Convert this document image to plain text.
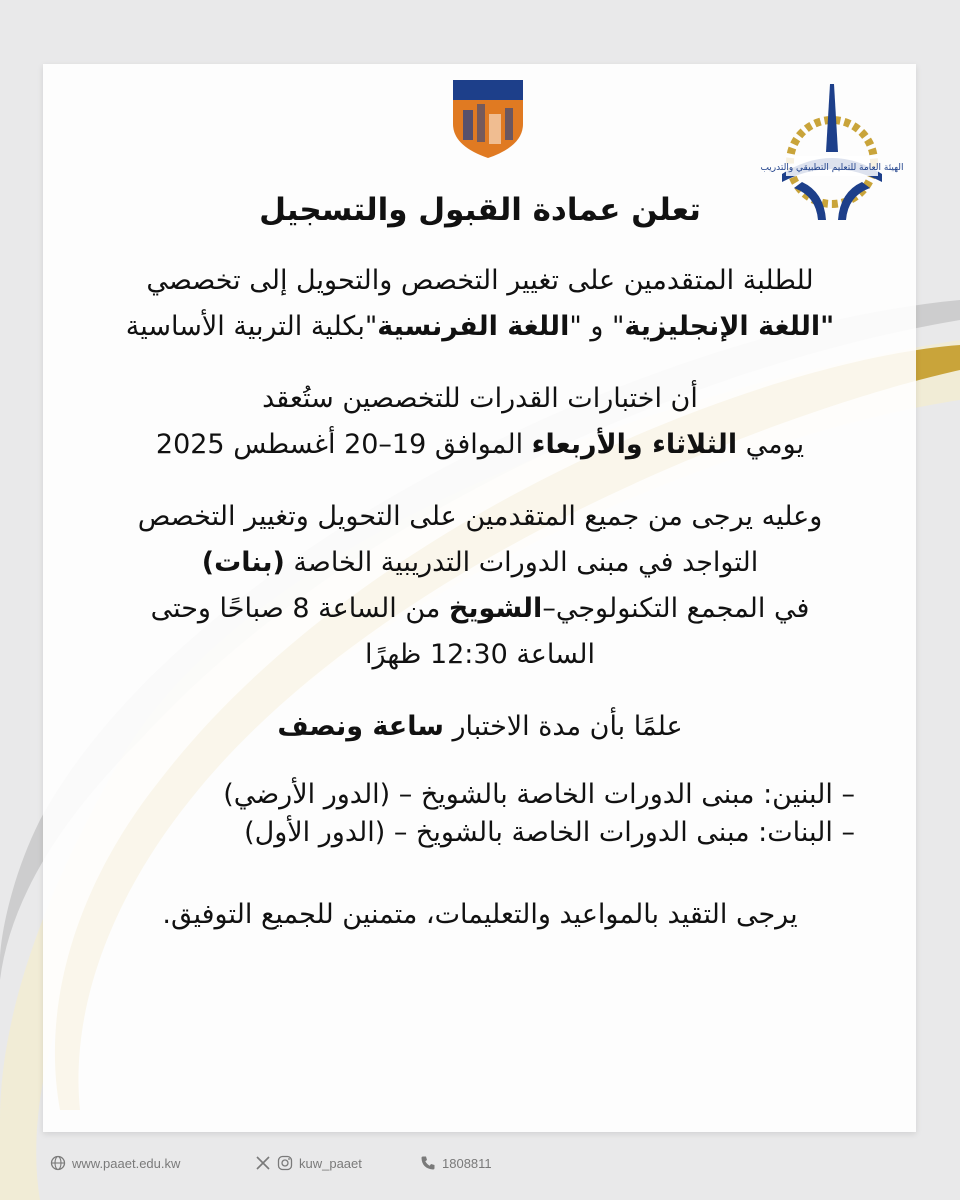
الهيئة العامة للتعليم التطبيقي والتدريب

تعلن عمادة القبول والتسجيل

للطلبة المتقدمين على تغيير التخصص والتحويل إلى تخصصي

"اللغة الإنجليزية" و "اللغة الفرنسية"بكلية التربية الأساسية

أن اختبارات القدرات للتخصصين ستُعقد

يومي الثلاثاء والأربعاء الموافق 19–20 أغسطس 2025

وعليه يرجى من جميع المتقدمين على التحويل وتغيير التخصص

التواجد في مبنى الدورات التدريبية الخاصة (بنات)

في المجمع التكنولوجي–الشويخ من الساعة 8 صباحًا وحتى

الساعة 12:30 ظهرًا

علمًا بأن مدة الاختبار ساعة ونصف

– البنين: مبنى الدورات الخاصة بالشويخ – (الدور الأرضي)

– البنات: مبنى الدورات الخاصة بالشويخ – (الدور الأول)

يرجى التقيد بالمواعيد والتعليمات، متمنين للجميع التوفيق.

www.paaet.edu.kw	kuw_paaet	1808811
